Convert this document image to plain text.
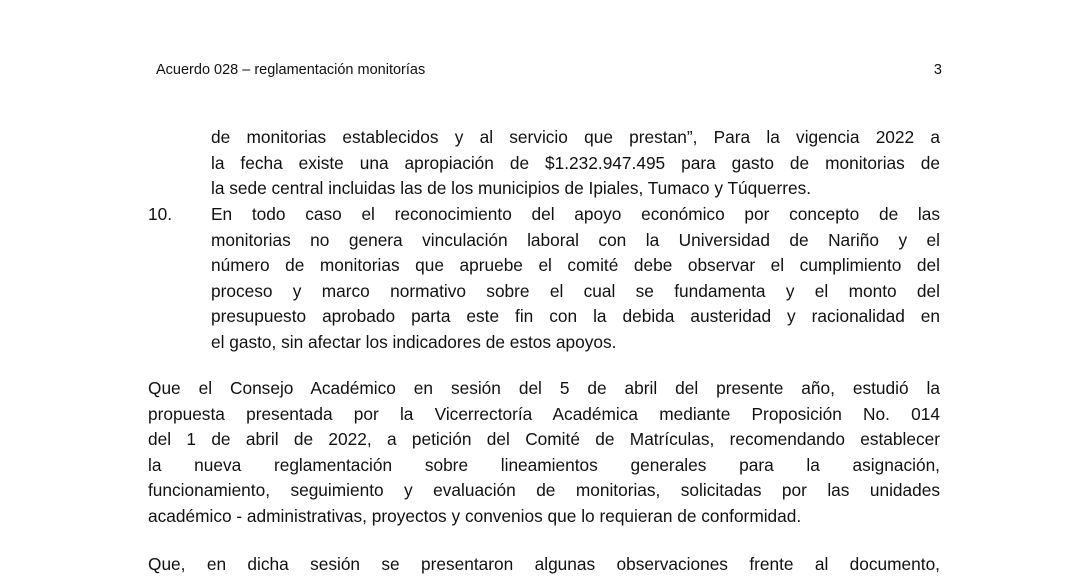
Acuerdo 028 – reglamentación monitorías	3
de monitorias establecidos y al servicio que prestan”, Para la vigencia 2022 a
la fecha existe una apropiación de $1.232.947.495 para gasto de monitorias de
la sede central incluidas las de los municipios de Ipiales, Tumaco y Túquerres.
10. En todo caso el reconocimiento del apoyo económico por concepto de las
monitorias no genera vinculación laboral con la Universidad de Nariño y el
número de monitorias que apruebe el comité debe observar el cumplimiento del
proceso y marco normativo sobre el cual se fundamenta y el monto del
presupuesto aprobado parta este fin con la debida austeridad y racionalidad en
el gasto, sin afectar los indicadores de estos apoyos.
Que el Consejo Académico en sesión del 5 de abril del presente año, estudió la
propuesta presentada por la Vicerrectoría Académica mediante Proposición No. 014
del 1 de abril de 2022, a petición del Comité de Matrículas, recomendando establecer
la nueva reglamentación sobre lineamientos generales para la asignación,
funcionamiento, seguimiento y evaluación de monitorias, solicitadas por las unidades
académico - administrativas, proyectos y convenios que lo requieran de conformidad.
Que, en dicha sesión se presentaron algunas observaciones frente al documento,
